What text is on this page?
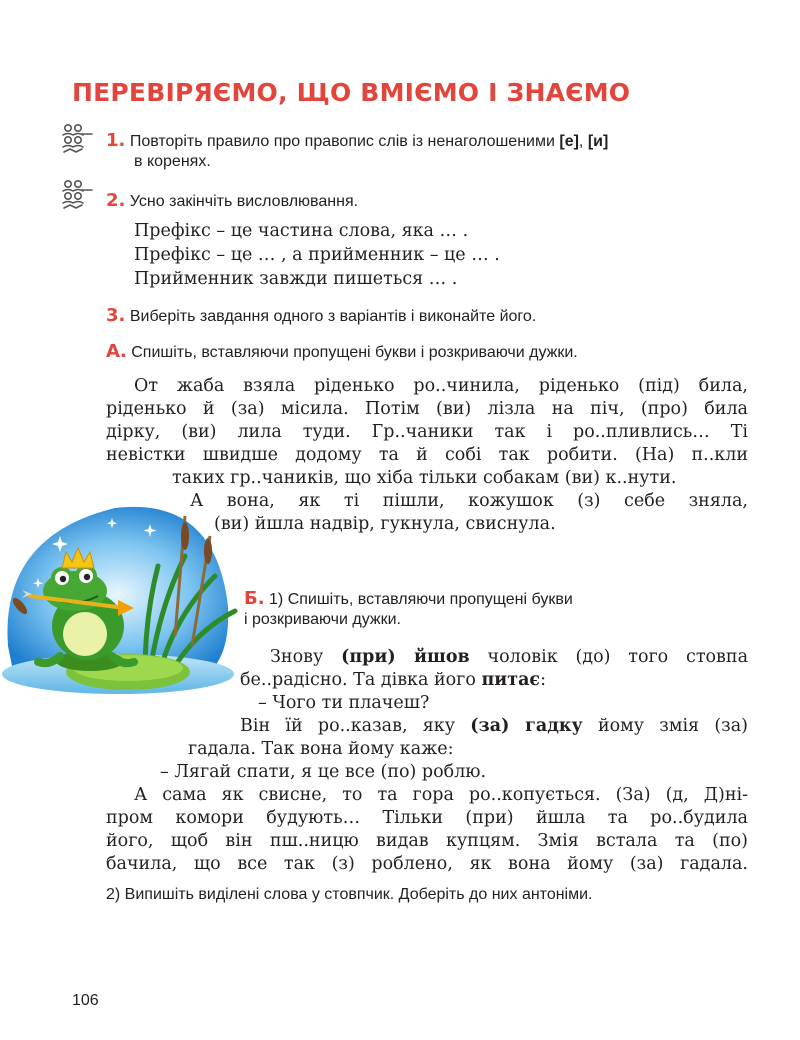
ПЕРЕВІРЯЄМО, ЩО ВМІЄМО І ЗНАЄМО
1. Повторіть правило про правопис слів із ненаголошеними [е], [и]
в коренях.
2. Усно закінчіть висловлювання.
Префікс – це частина слова, яка … .
Префікс – це … , а прийменник – це … .
Прийменник завжди пишеться … .
3. Виберіть завдання одного з варіантів і виконайте його.
А. Спишіть, вставляючи пропущені букви і розкриваючи дужки.
От жаба взяла ріденько ро..чинила, ріденько (під) била,
ріденько й (за) місила. Потім (ви) лізла на піч, (про) била
дірку, (ви) лила туди. Гр..чаники так і ро..пливлись… Ті
невістки швидше додому та й собі так робити. (На) п..кли
таких гр..чаників, що хіба тільки собакам (ви) к..нути.
А вона, як ті пішли, кожушок (з) себе зняла,
(ви) йшла надвір, гукнула, свиснула.
Б. 1) Спишіть, вставляючи пропущені букви
і розкриваючи дужки.
Знову (при) йшов чоловік (до) того стовпа
бе..радісно. Та дівка його питає:
– Чого ти плачеш?
Він їй ро..казав, яку (за) гадку йому змія (за)
гадала. Так вона йому каже:
– Лягай спати, я це все (по) роблю.
А сама як свисне, то та гора ро..копується. (За) (д, Д)ні-
пром комори будують… Тільки (при) йшла та ро..будила
його, щоб він пш..ницю видав купцям. Змія встала та (по)
бачила, що все так (з) роблено, як вона йому (за) гадала.
2) Випишіть виділені слова у стовпчик. Доберіть до них антоніми.
106
